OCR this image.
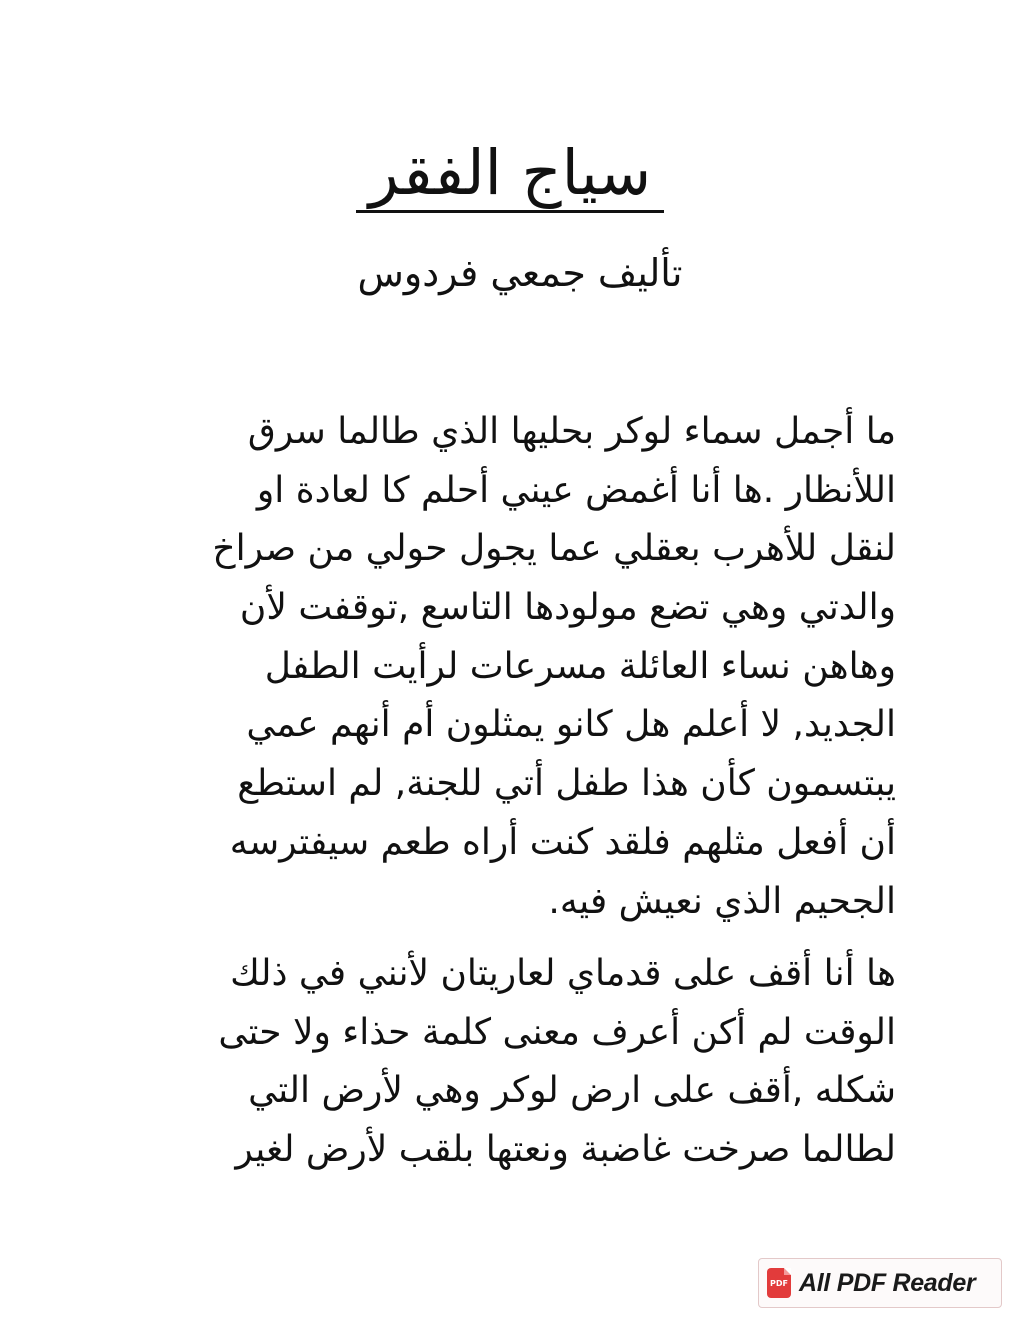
سياج الفقر
تأليف جمعي فردوس

ما أجمل سماء لوكر بحليها الذي طالما سرق
اللأنظار .ها أنا أغمض عيني أحلم كا لعادة او
لنقل للأهرب بعقلي عما يجول حولي من صراخ
والدتي وهي تضع مولودها التاسع ,توقفت لأن
وهاهن نساء العائلة مسرعات لرأيت الطفل
الجديد, لا أعلم هل كانو يمثلون أم أنهم عمي
يبتسمون كأن هذا طفل أتي للجنة, لم استطع
أن أفعل مثلهم فلقد كنت أراه طعم سيفترسه
الجحيم الذي نعيش فيه.

ها أنا أقف على قدماي لعاريتان لأنني في ذلك
الوقت لم أكن أعرف معنى كلمة حذاء ولا حتى
شكله ,أقف على ارض لوكر وهي لأرض التي
لطالما صرخت غاضبة ونعتها بلقب لأرض لغير

PDF All PDF Reader
